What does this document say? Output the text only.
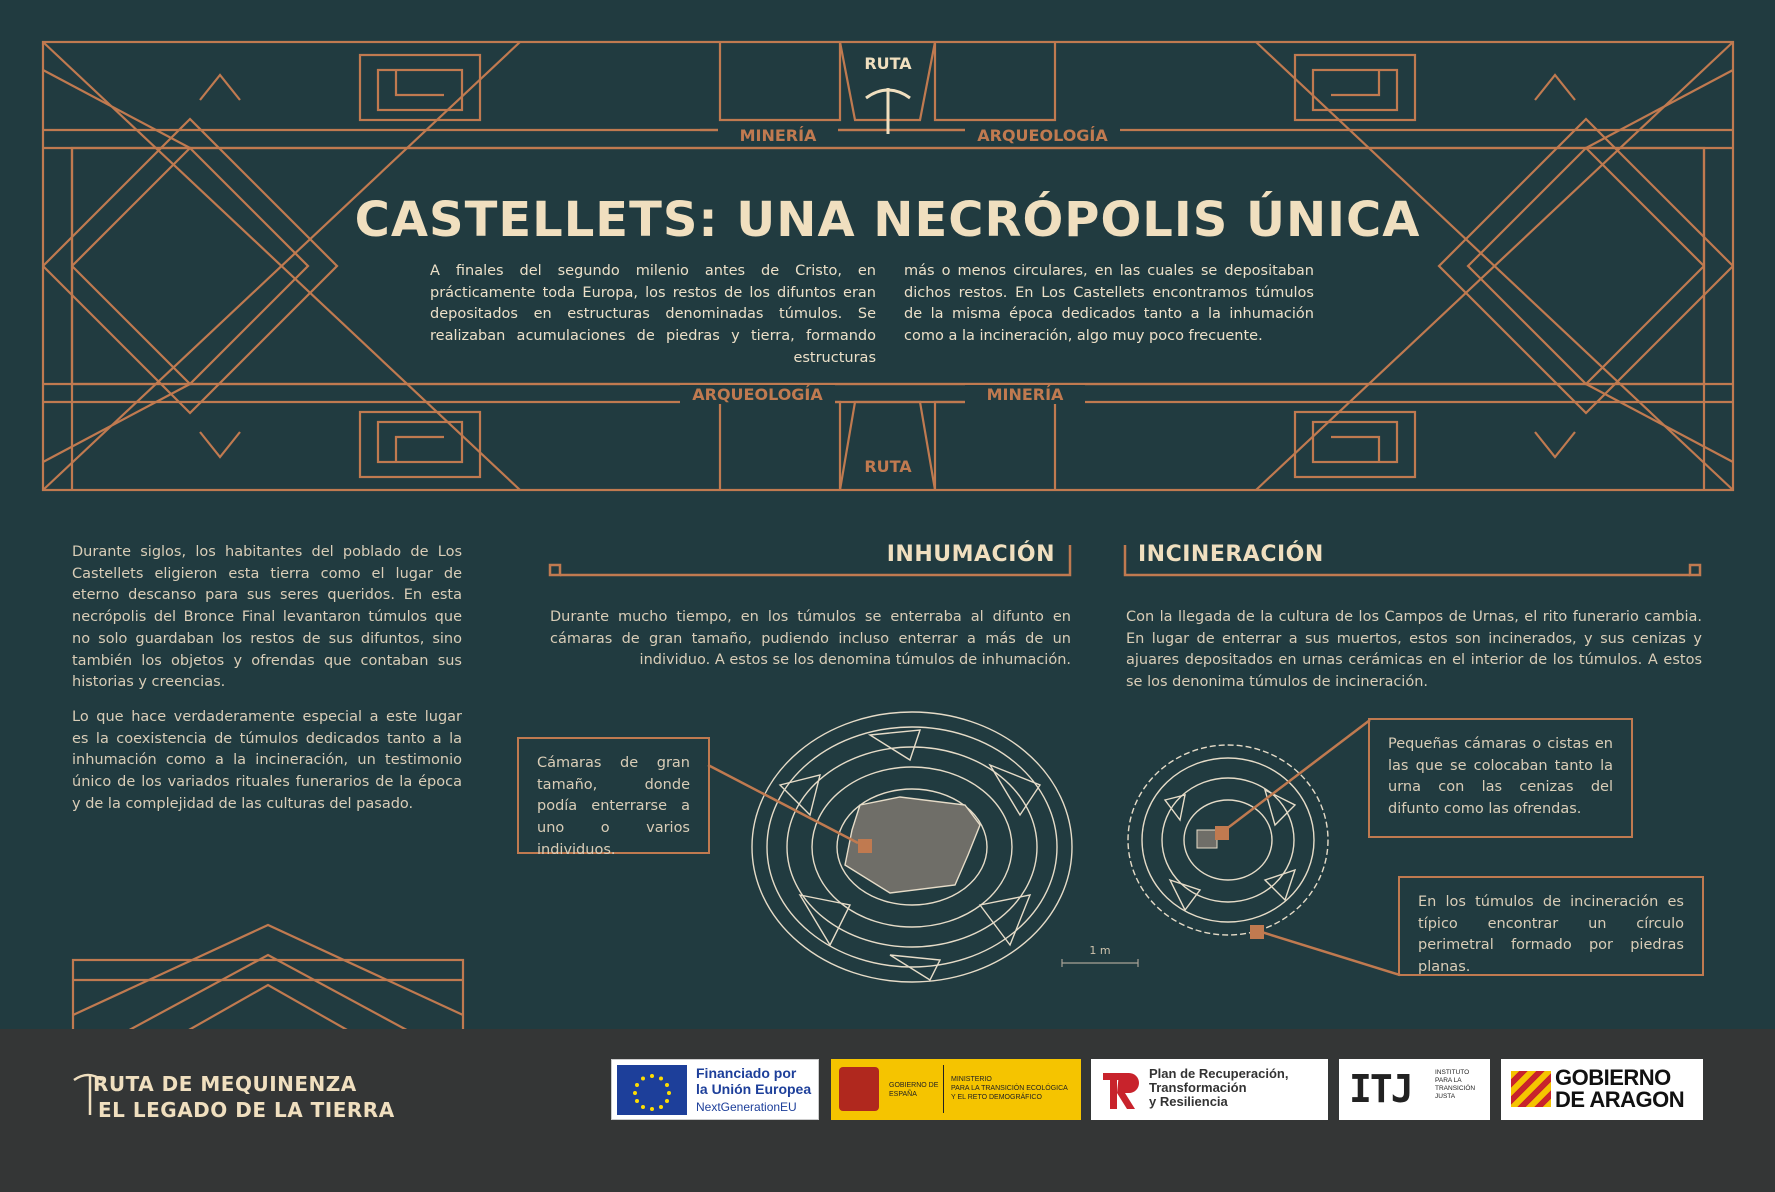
RUTA
RUTA
MINERÍA	ARQUEOLOGÍA
ARQUEOLOGÍA	MINERÍA
CASTELLETS: UNA NECRÓPOLIS ÚNICA
A finales del segundo milenio antes de Cristo, en prácticamente toda Europa, los restos de los difuntos eran depositados en estructuras denominadas túmulos. Se realizaban acumulaciones de piedras y tierra, formando estructuras
más o menos circulares, en las cuales se depositaban dichos restos. En Los Castellets encontramos túmulos de la misma época dedicados tanto a la inhumación como a la incineración, algo muy poco frecuente.
Durante siglos, los habitantes del poblado de Los Castellets eligieron esta tierra como el lugar de eterno descanso para sus seres queridos. En esta necrópolis del Bronce Final levantaron túmulos que no solo guardaban los restos de sus difuntos, sino también los objetos y ofrendas que contaban sus historias y creencias.
Lo que hace verdaderamente especial a este lugar es la coexistencia de túmulos dedicados tanto a la inhumación como a la incineración, un testimonio único de los variados rituales funerarios de la época y de la complejidad de las culturas del pasado.
INHUMACIÓN	INCINERACIÓN
Durante mucho tiempo, en los túmulos se enterraba al difunto en cámaras de gran tamaño, pudiendo incluso enterrar a más de un individuo. A estos se los denomina túmulos de inhumación.
Con la llegada de la cultura de los Campos de Urnas, el rito funerario cambia. En lugar de enterrar a sus muertos, estos son incinerados, y sus cenizas y ajuares depositados en urnas cerámicas en el interior de los túmulos. A estos se los denonima túmulos de incineración.
Cámaras de gran tamaño, donde podía enterrarse a uno o varios individuos.
1 m
Pequeñas cámaras o cistas en las que se colocaban tanto la urna con las cenizas del difunto como las ofrendas.
En los túmulos de incineración es típico encontrar un círculo perimetral formado por piedras planas.
RUTA DE MEQUINENZA
EL LEGADO DE LA TIERRA
Financiado por
la Unión Europea
NextGenerationEU
GOBIERNO DE ESPAÑA
MINISTERIO
PARA LA TRANSICIÓN ECOLÓGICA
Y EL RETO DEMOGRÁFICO
Plan de Recuperación,
Transformación
y Resiliencia	ITJ	INSTITUTO
PARA LA
TRANSICIÓN
JUSTA
GOBIERNO
DE ARAGON
